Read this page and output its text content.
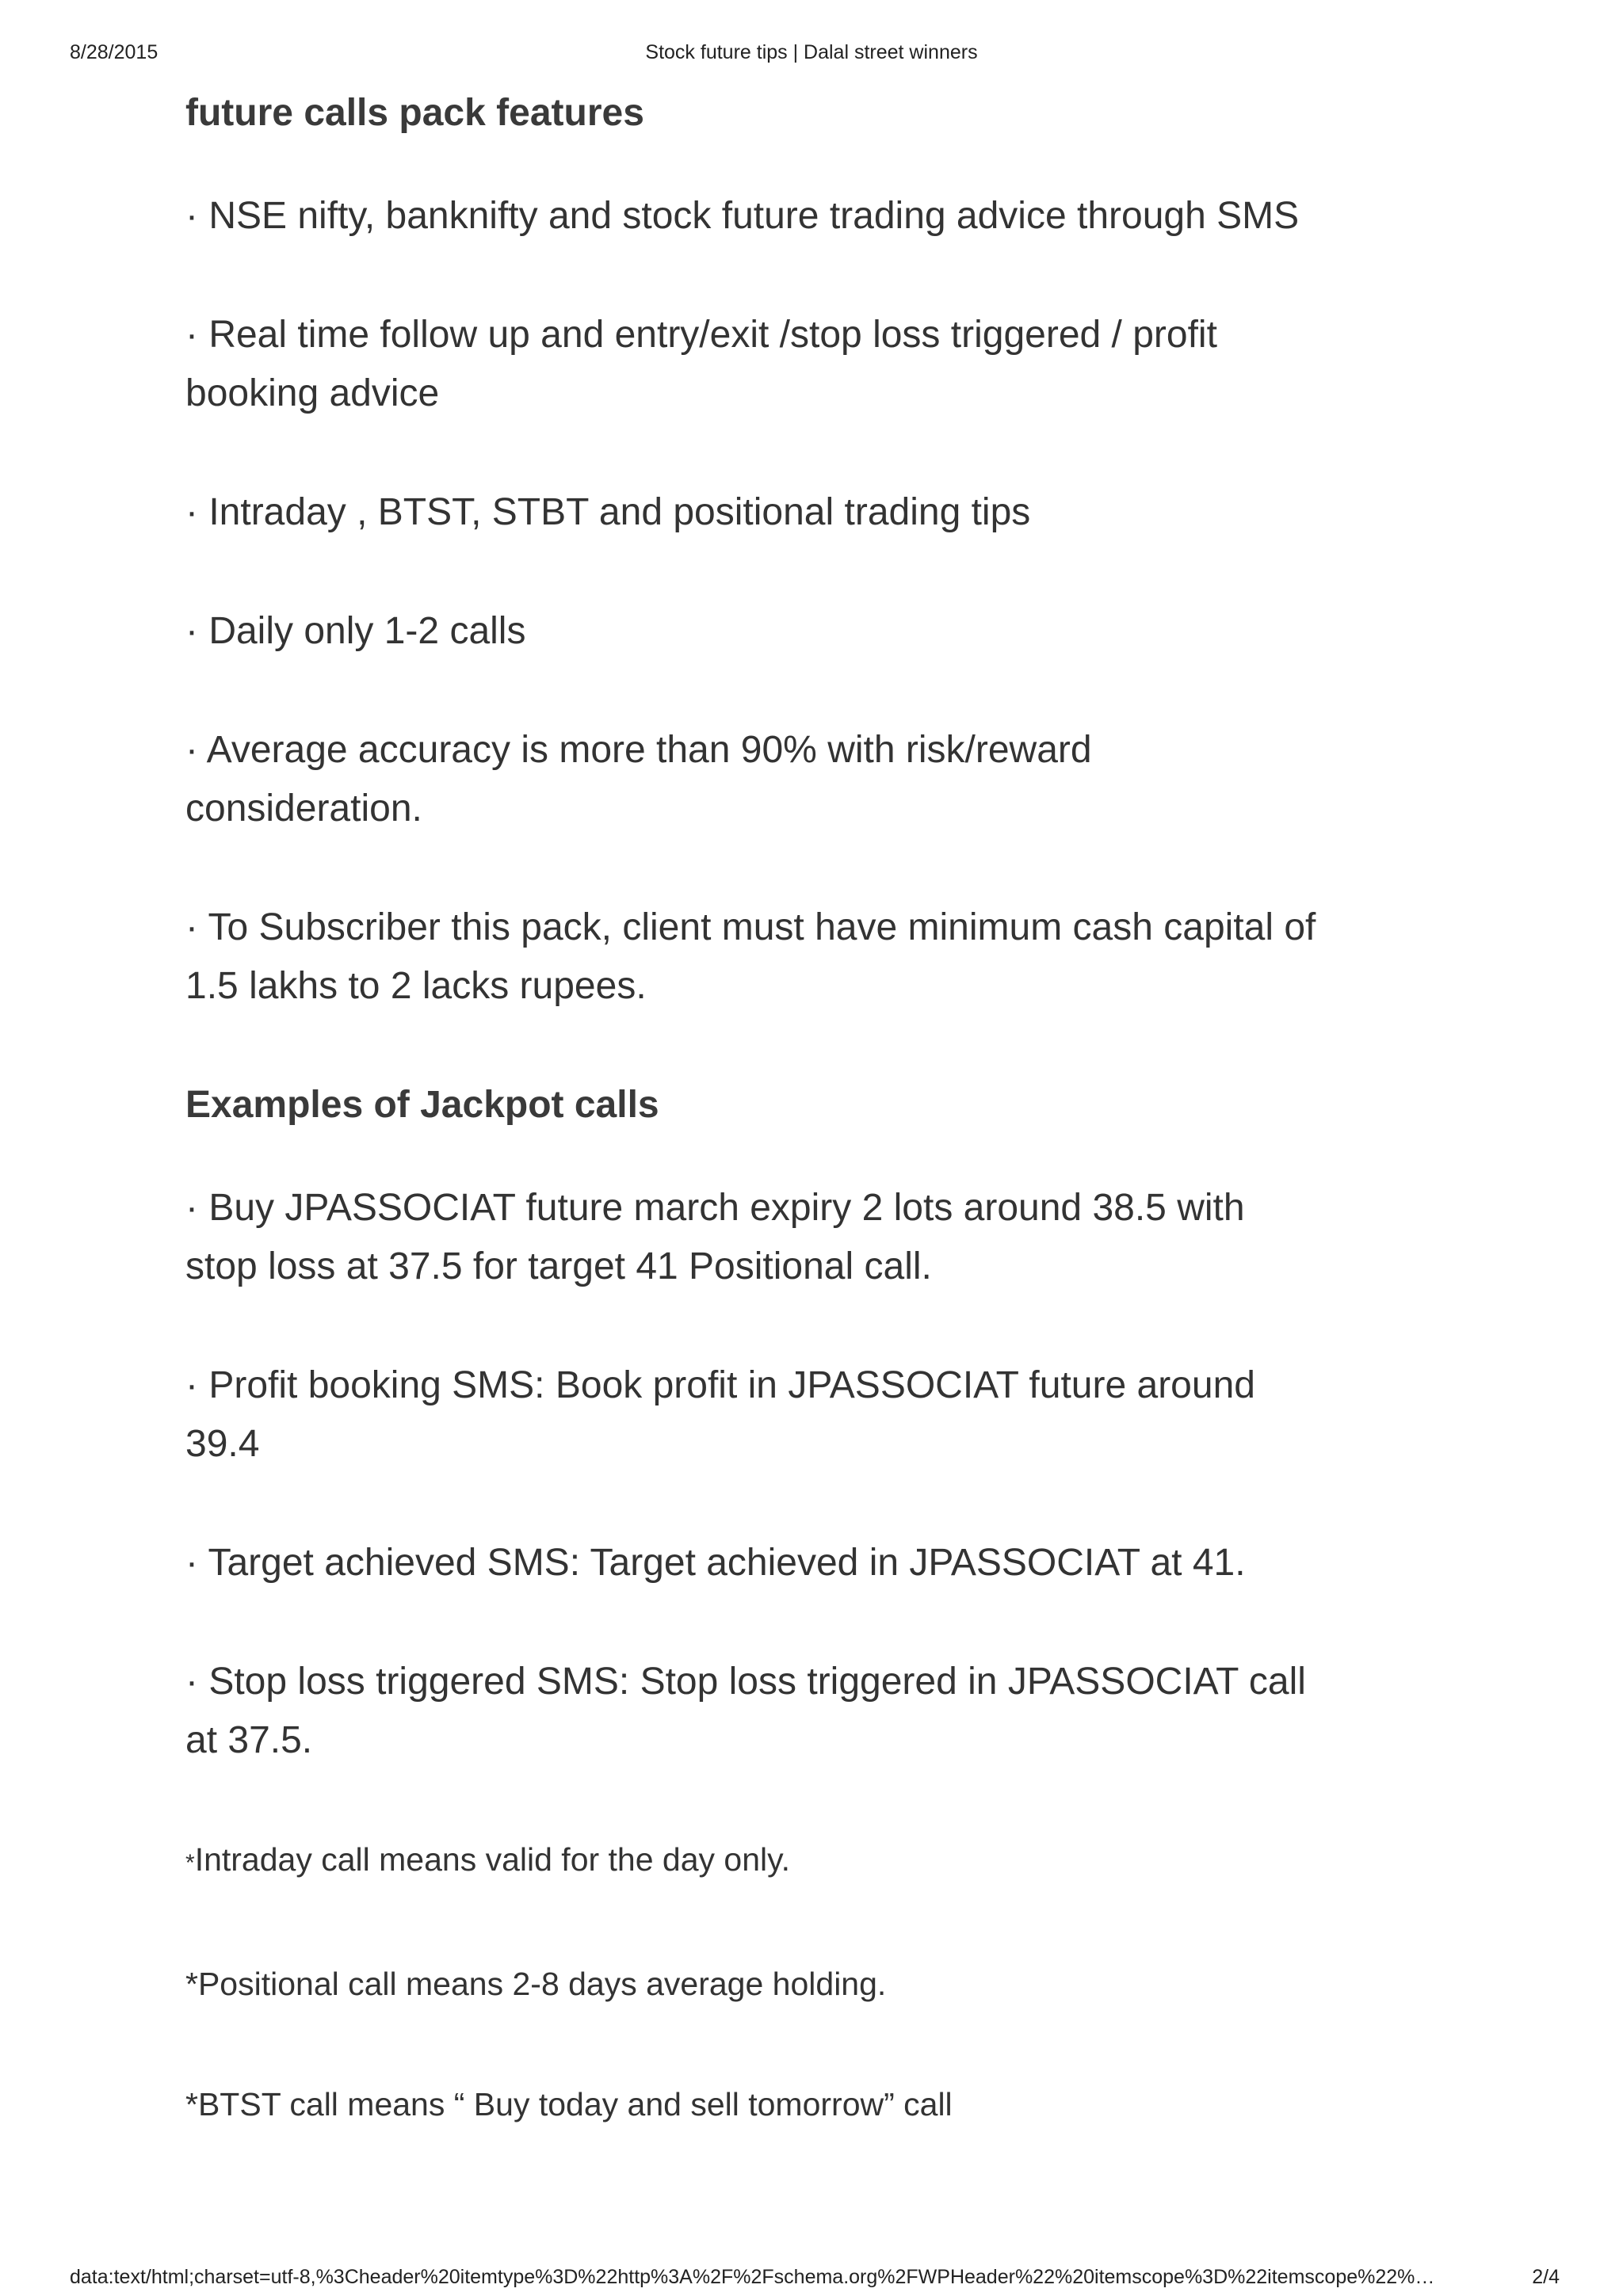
8/28/2015	Stock future tips | Dalal street winners

future calls pack features

· NSE nifty, banknifty and stock future trading advice through SMS

· Real time follow up and entry/exit /stop loss triggered / profit booking advice

· Intraday , BTST, STBT and positional trading tips

· Daily only 1-2 calls

· Average accuracy is more than 90% with risk/reward consideration.

· To Subscriber this pack, client must have minimum cash capital of 1.5 lakhs to 2 lacks rupees.

Examples of Jackpot calls

· Buy JPASSOCIAT future march expiry 2 lots around 38.5 with stop loss at 37.5 for target 41 Positional call.

· Profit booking SMS: Book profit in JPASSOCIAT future around 39.4

· Target achieved SMS: Target achieved in JPASSOCIAT at 41.

· Stop loss triggered SMS: Stop loss triggered in JPASSOCIAT call at 37.5.

*Intraday call means valid for the day only.

*Positional call means 2-8 days average holding.

*BTST call means “ Buy today and sell tomorrow” call

data:text/html;charset=utf-8,%3Cheader%20itemtype%3D%22http%3A%2F%2Fschema.org%2FWPHeader%22%20itemscope%3D%22itemscope%22%…	2/4
